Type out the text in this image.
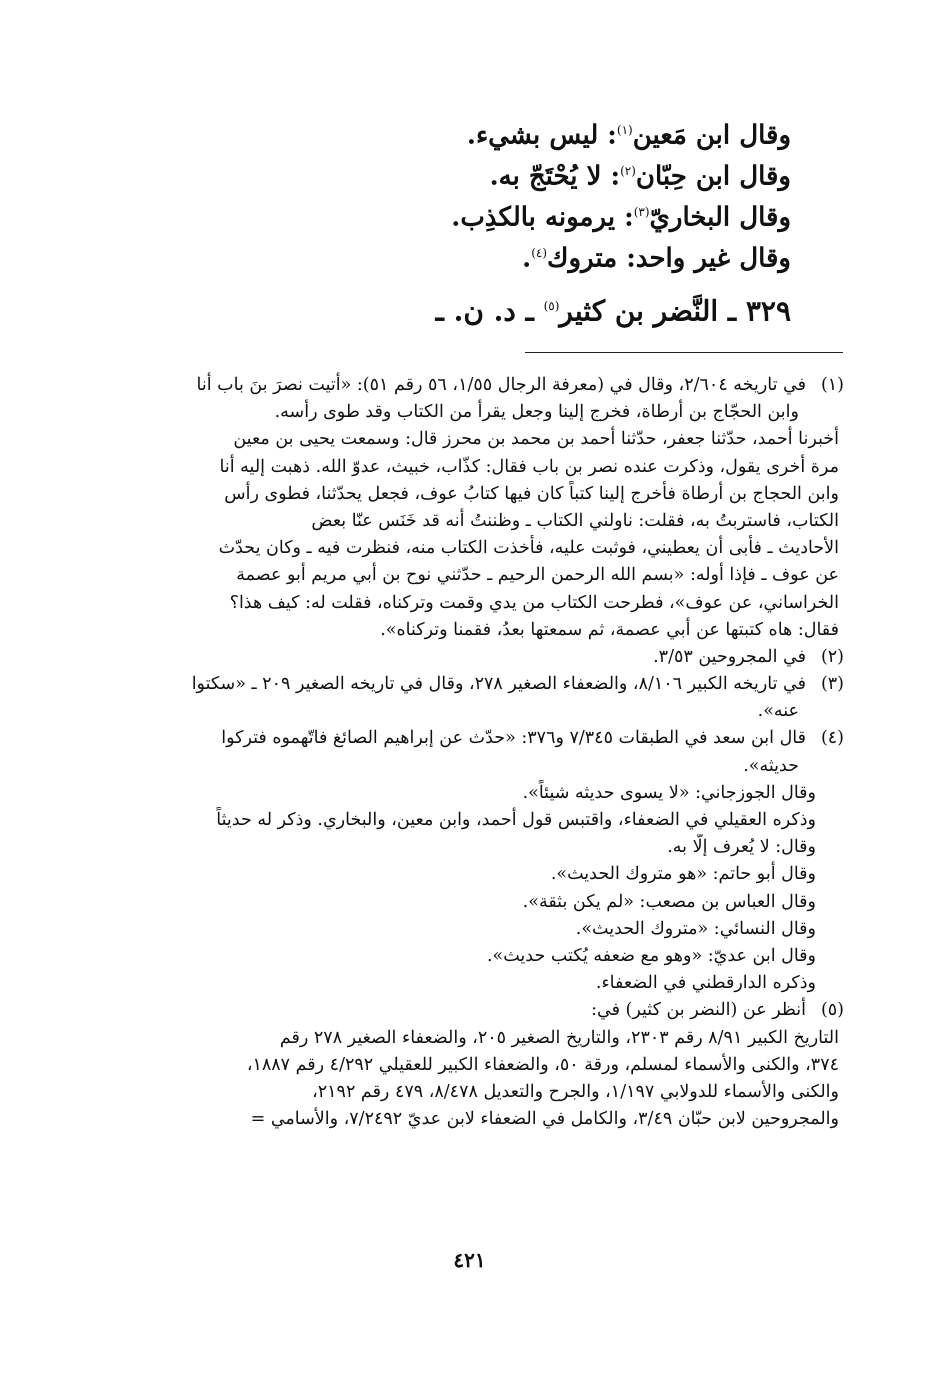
وقال ابن مَعين$^{(١)}$: ليس بشيء.
وقال ابن حِبّان$^{(٢)}$: لا يُحْتَجّ به.
وقال البخاريّ$^{(٣)}$: يرمونه بالكذِب.
وقال غير واحد: متروك$^{(٤)}$.
٣٢٩ ـ النَّضر بن كثير$^{(٥)}$ ـ د. ن. ـ
(١)في تاريخه ٢/٦٠٤، وقال في (معرفة الرجال ١/٥٥، ٥٦ رقم ٥١): «أتيت نصرَ بنَ باب أنا
وابن الحجّاج بن أرطاة، فخرج إلينا وجعل يقرأ من الكتاب وقد طوى رأسه.
أخبرنا أحمد، حدّثنا جعفر، حدّثنا أحمد بن محمد بن محرز قال: وسمعت يحيى بن معين
مرة أخرى يقول، وذكرت عنده نصر بن باب فقال: كذّاب، خبيث، عدوّ الله. ذهبت إليه أنا
وابن الحجاج بن أرطاة فأخرج إلينا كتباً كان فيها كتابُ عوف، فجعل يحدّثنا، فطوى رأس
الكتاب، فاستربتُ به، فقلت: ناولني الكتاب ـ وظننتُ أنه قد خَنَس عنّا بعض
الأحاديث ـ فأبى أن يعطيني، فوثبت عليه، فأخذت الكتاب منه، فنظرت فيه ـ وكان يحدّث
عن عوف ـ فإذا أوله: «بسم الله الرحمن الرحيم ـ حدّثني نوح بن أبي مريم أبو عصمة
الخراساني، عن عوف»، فطرحت الكتاب من يدي وقمت وتركناه، فقلت له: كيف هذا؟
فقال: هاه كتبتها عن أبي عصمة، ثم سمعتها بعدُ، فقمنا وتركناه».
(٢)في المجروحين ٣/٥٣.
(٣)في تاريخه الكبير ٨/١٠٦، والضعفاء الصغير ٢٧٨، وقال في تاريخه الصغير ٢٠٩ ـ «سكتوا
عنه».
(٤)قال ابن سعد في الطبقات ٧/٣٤٥ و٣٧٦: «حدّث عن إبراهيم الصائغ فاتّهموه فتركوا
حديثه».
وقال الجوزجاني: «لا يسوى حديثه شيئاً».
وذكره العقيلي في الضعفاء، واقتبس قول أحمد، وابن معين، والبخاري. وذكر له حديثاً
وقال: لا يُعرف إلّا به.
وقال أبو حاتم: «هو متروك الحديث».
وقال العباس بن مصعب: «لم يكن بثقة».
وقال النسائي: «متروك الحديث».
وقال ابن عديّ: «وهو مع ضعفه يُكتب حديث».
وذكره الدارقطني في الضعفاء.
(٥)أنظر عن (النضر بن كثير) في:
التاريخ الكبير ٨/٩١ رقم ٢٣٠٣، والتاريخ الصغير ٢٠٥، والضعفاء الصغير ٢٧٨ رقم
٣٧٤، والكنى والأسماء لمسلم، ورقة ٥٠، والضعفاء الكبير للعقيلي ٤/٢٩٢ رقم ١٨٨٧،
والكنى والأسماء للدولابي ١/١٩٧، والجرح والتعديل ٨/٤٧٨، ٤٧٩ رقم ٢١٩٢،
والمجروحين لابن حبّان ٣/٤٩، والكامل في الضعفاء لابن عديّ ٧/٢٤٩٢، والأسامي =
٤٢١
